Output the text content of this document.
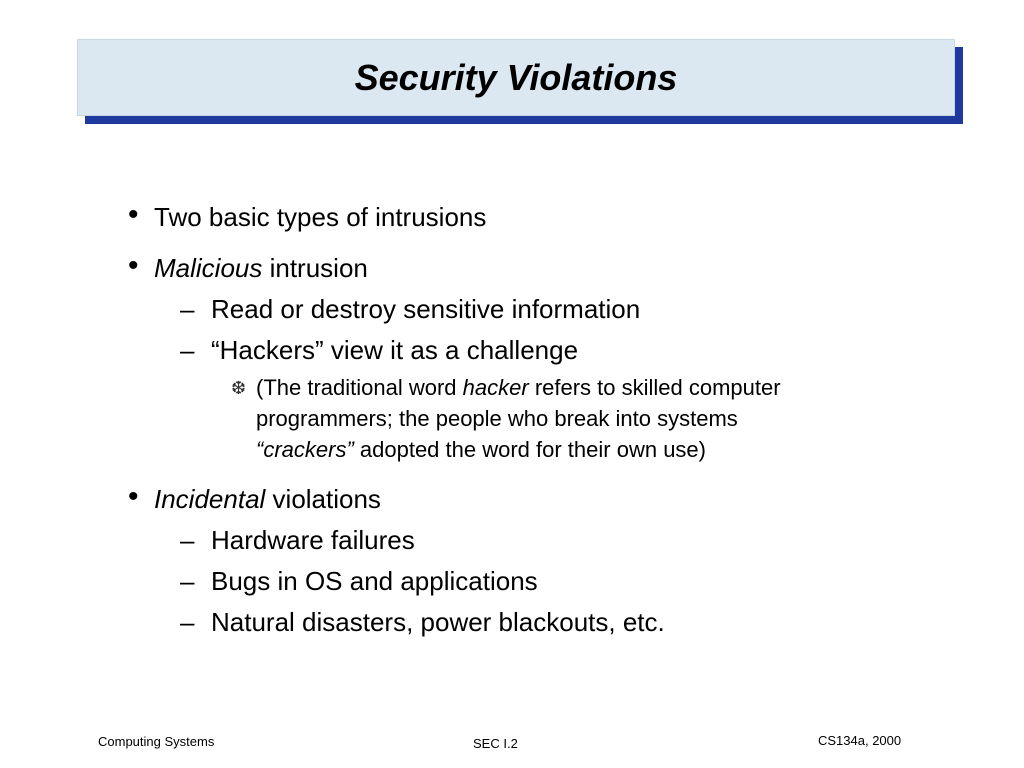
Security Violations
• Two basic types of intrusions
• Malicious intrusion
– Read or destroy sensitive information
– “Hackers” view it as a challenge
❆ (The traditional word hacker refers to skilled computer
programmers; the people who break into systems
“crackers” adopted the word for their own use)
• Incidental violations
– Hardware failures
– Bugs in OS and applications
– Natural disasters, power blackouts, etc.
Computing Systems	SEC I.2	CS134a, 2000
